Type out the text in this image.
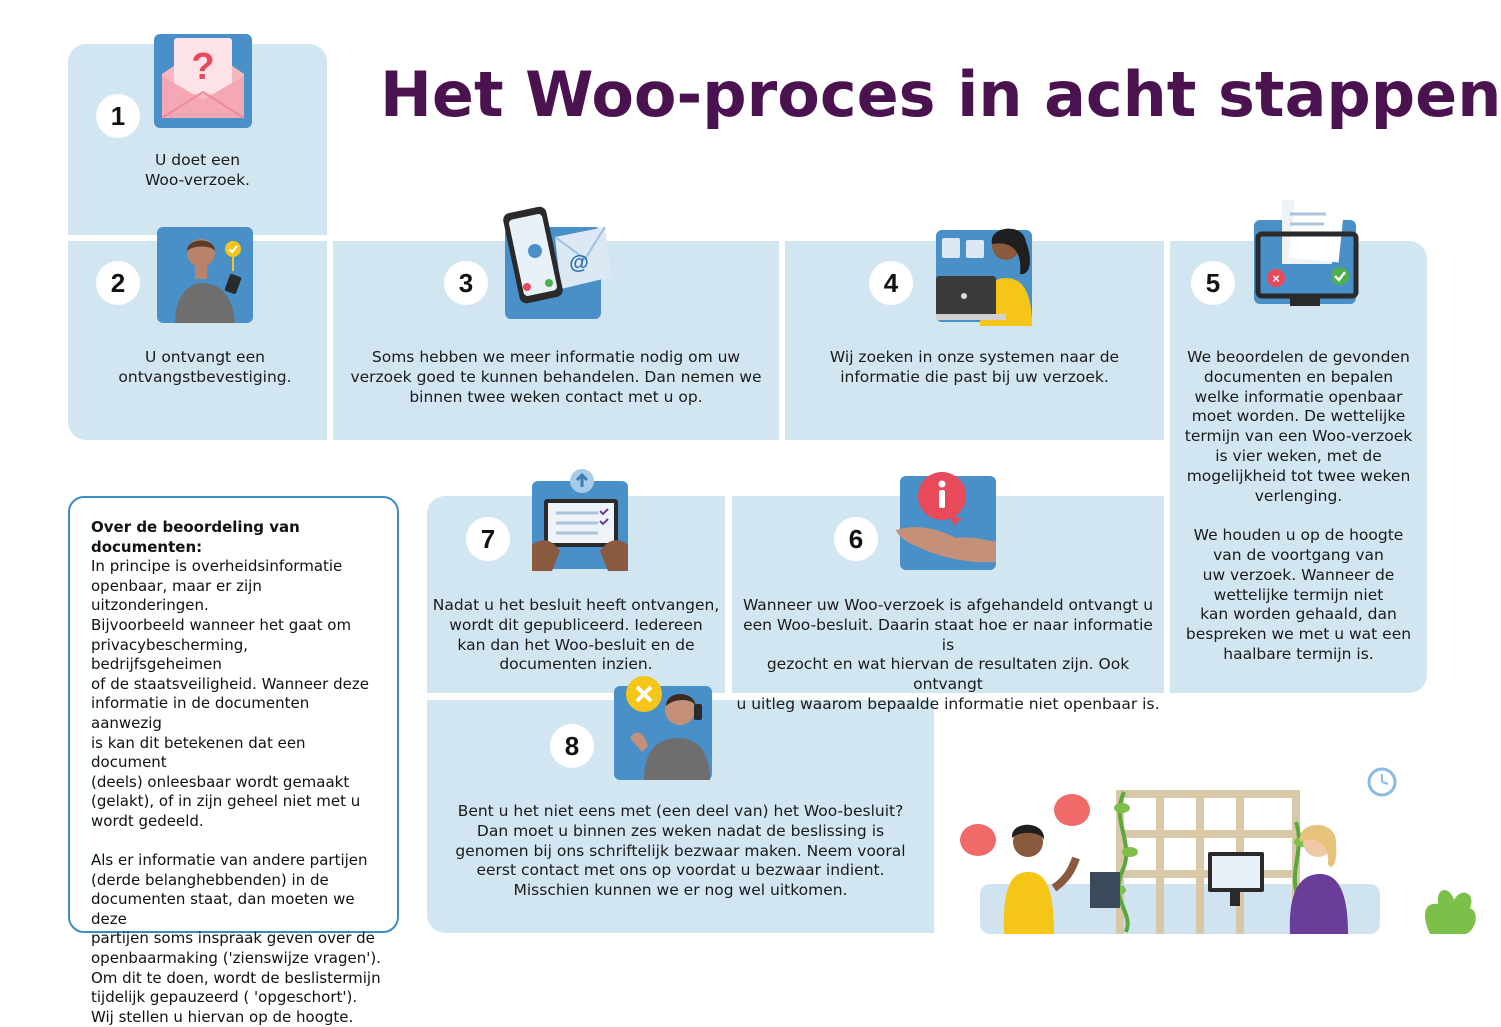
Het Woo-proces in acht stappen
1
2	3	4	5
6
7
8
U doet een
Woo-verzoek.
U ontvangt een
ontvangstbevestiging.
Soms hebben we meer informatie nodig om uw
verzoek goed te kunnen behandelen. Dan nemen we
binnen twee weken contact met u op.
Wij zoeken in onze systemen naar de
informatie die past bij uw verzoek.
We beoordelen de gevonden
documenten en bepalen
welke informatie openbaar
moet worden. De wettelijke
termijn van een Woo-verzoek
is vier weken, met de
mogelijkheid tot twee weken
verlenging.

We houden u op de hoogte
van de voortgang van
uw verzoek. Wanneer de
wettelijke termijn niet
kan worden gehaald, dan
bespreken we met u wat een
haalbare termijn is.
Wanneer uw Woo-verzoek is afgehandeld ontvangt u
een Woo-besluit. Daarin staat hoe er naar informatie is
gezocht en wat hiervan de resultaten zijn. Ook ontvangt
u uitleg waarom bepaalde informatie niet openbaar is.
Nadat u het besluit heeft ontvangen,
wordt dit gepubliceerd. Iedereen
kan dan het Woo-besluit en de
documenten inzien.
Bent u het niet eens met (een deel van) het Woo-besluit?
Dan moet u binnen zes weken nadat de beslissing is
genomen bij ons schriftelijk bezwaar maken. Neem vooral
eerst contact met ons op voordat u bezwaar indient.
Misschien kunnen we er nog wel uitkomen.
?
@
×
Over de beoordeling van documenten:

In principe is overheidsinformatie
openbaar, maar er zijn uitzonderingen.
Bijvoorbeeld wanneer het gaat om
privacybescherming, bedrijfsgeheimen
of de staatsveiligheid. Wanneer deze
informatie in de documenten aanwezig
is kan dit betekenen dat een document
(deels) onleesbaar wordt gemaakt
(gelakt), of in zijn geheel niet met u
wordt gedeeld.

Als er informatie van andere partijen
(derde belanghebbenden) in de
documenten staat, dan moeten we deze
partijen soms inspraak geven over de
openbaarmaking ('zienswijze vragen').
Om dit te doen, wordt de beslistermijn
tijdelijk gepauzeerd ( 'opgeschort').
Wij stellen u hiervan op de hoogte.
